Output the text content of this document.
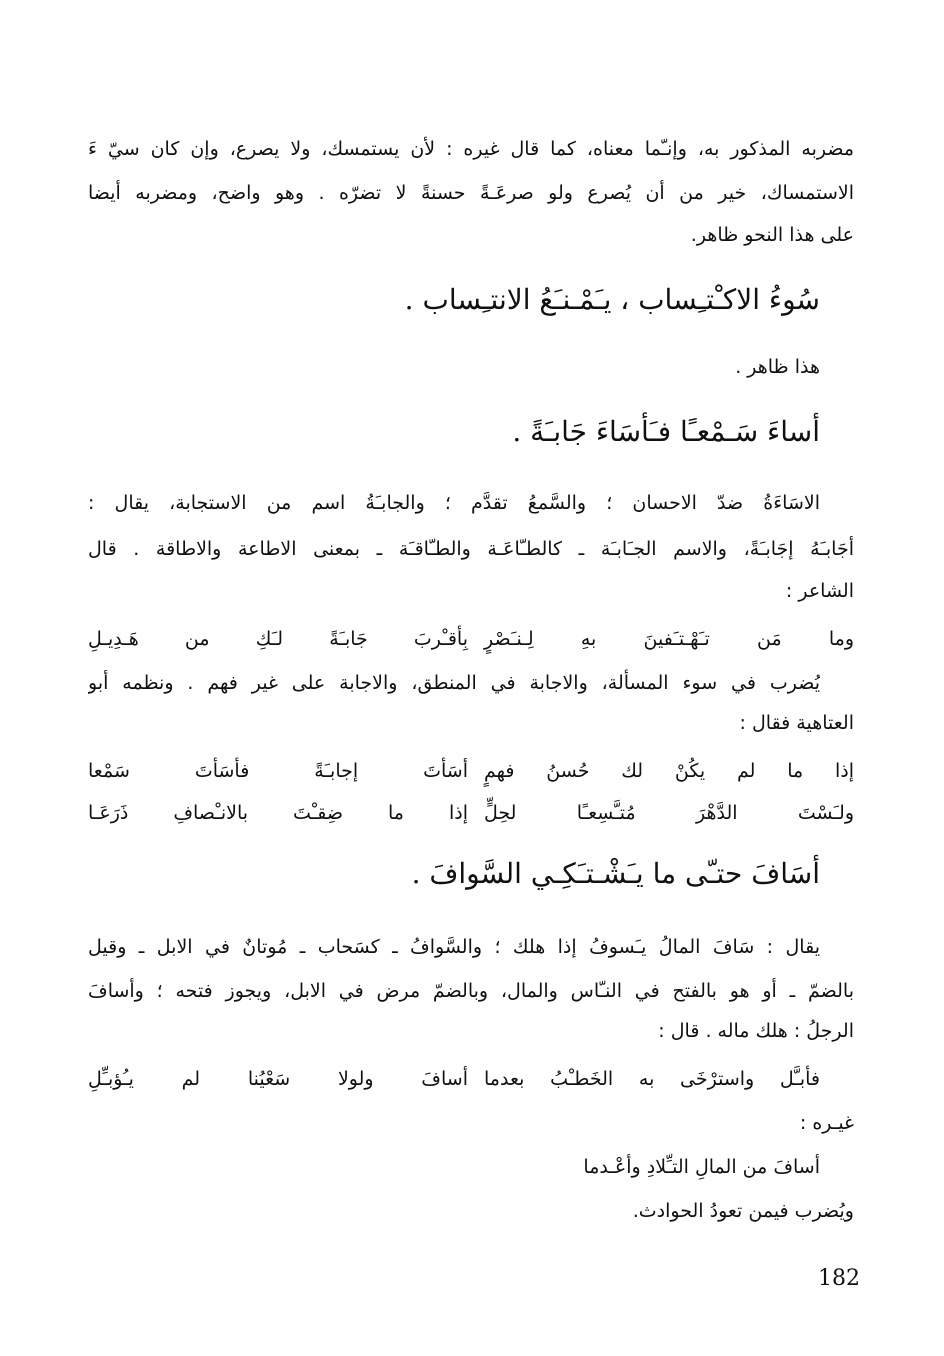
مضربه المذكور به، وإنـّما معناه، كما قال غيره : لأن يستمسك، ولا يصرع، وإن كان سيّ ءَ
الاستمساك، خير من أن يُصرع ولو صرعَـةً حسنةً لا تضرّه . وهو واضح، ومضربه أيضا
على هذا النحو ظاهر.
سُوءُ الاكـْتـِساب ، يـَمْـنـَعُ الانتـِساب .
هذا ظاهر .
أساءَ سَـمْعـًا فـَأسَاءَ جَابـَةً .
الاسَاءَةُ ضدّ الاحسان ؛ والسَّمعُ تقدَّم ؛ والجابـَةُ اسم من الاستجابة، يقال :
أجَابـَهُ إجَابـَةً، والاسم الجـَابـَة ـ كالطـّاعَـة والطـّاقـَة ـ بمعنى الاطاعة والاطاقة . قال
الشاعر :
وما مَن تـَهْـتـَفينَ بهِ لِـنـَصْرٍ
بِأقـْربَ جَابـَةً لـَكِ من هَـدِيـلِ
يُضرب في سوء المسألة، والاجابة في المنطق، والاجابة على غير فهم . ونظمه أبو
العتاهية فقال :
إذا ما لم يكُنْ لك حُسنُ فهمٍ
أسَأتَ إجابـَةً فأسَأتَ سَمْعا
ولـَسْتَ الدَّهْرَ مُتـَّسِعـًا لحِلٍّ
إذا ما ضِقـْتَ بالانـْصافِ ذَرَعَـا
أسَافَ حتـّى ما يـَشْـتـَكِـي السَّوافَ .
يقال : سَافَ المالُ يـَسوفُ إذا هلك ؛ والسَّوافُ ـ كسَحاب ـ مُوتانٌ في الابل ـ وقيل
بالضمّ ـ أو هو بالفتح في النـّاس والمال، وبالضمّ مرض في الابل، ويجوز فتحه ؛ وأسافَ
الرجلُ : هلك ماله . قال :
فأبـَّل واسترْخَى به الخَطـْبُ بعدما
أسافَ ولولا سَعْيُنا لم يـُؤبـِّلِ
غيـره :
أسافَ من المالِ التـِّلادِ وأعْـدما
ويُضرب فيمن تعودُ الحوادث.
182
